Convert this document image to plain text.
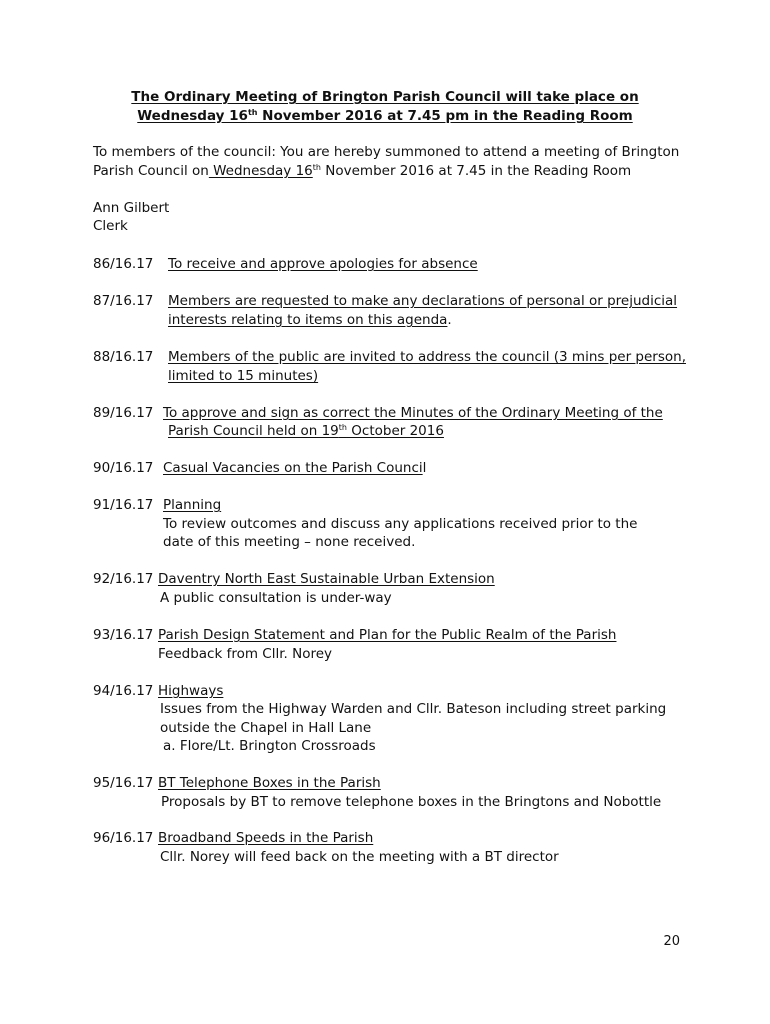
The Ordinary Meeting of Brington Parish Council will take place on
Wednesday 16th November 2016 at 7.45 pm in the Reading Room
To members of the council: You are hereby summoned to attend a meeting of Brington
Parish Council on Wednesday 16th November 2016 at 7.45 in the Reading Room
Ann Gilbert
Clerk
86/16.17 To receive and approve apologies for absence
87/16.17 Members are requested to make any declarations of personal or prejudicial
interests relating to items on this agenda.
88/16.17 Members of the public are invited to address the council (3 mins per person,
limited to 15 minutes)
89/16.17 To approve and sign as correct the Minutes of the Ordinary Meeting of the
Parish Council held on 19th October 2016
90/16.17 Casual Vacancies on the Parish Council
91/16.17 Planning
To review outcomes and discuss any applications received prior to the
date of this meeting – none received.
92/16.17 Daventry North East Sustainable Urban Extension
A public consultation is under-way
93/16.17 Parish Design Statement and Plan for the Public Realm of the Parish
Feedback from Cllr. Norey
94/16.17 Highways
Issues from the Highway Warden and Cllr. Bateson including street parking
outside the Chapel in Hall Lane
a. Flore/Lt. Brington Crossroads
95/16.17 BT Telephone Boxes in the Parish
Proposals by BT to remove telephone boxes in the Bringtons and Nobottle
96/16.17 Broadband Speeds in the Parish
Cllr. Norey will feed back on the meeting with a BT director
20
